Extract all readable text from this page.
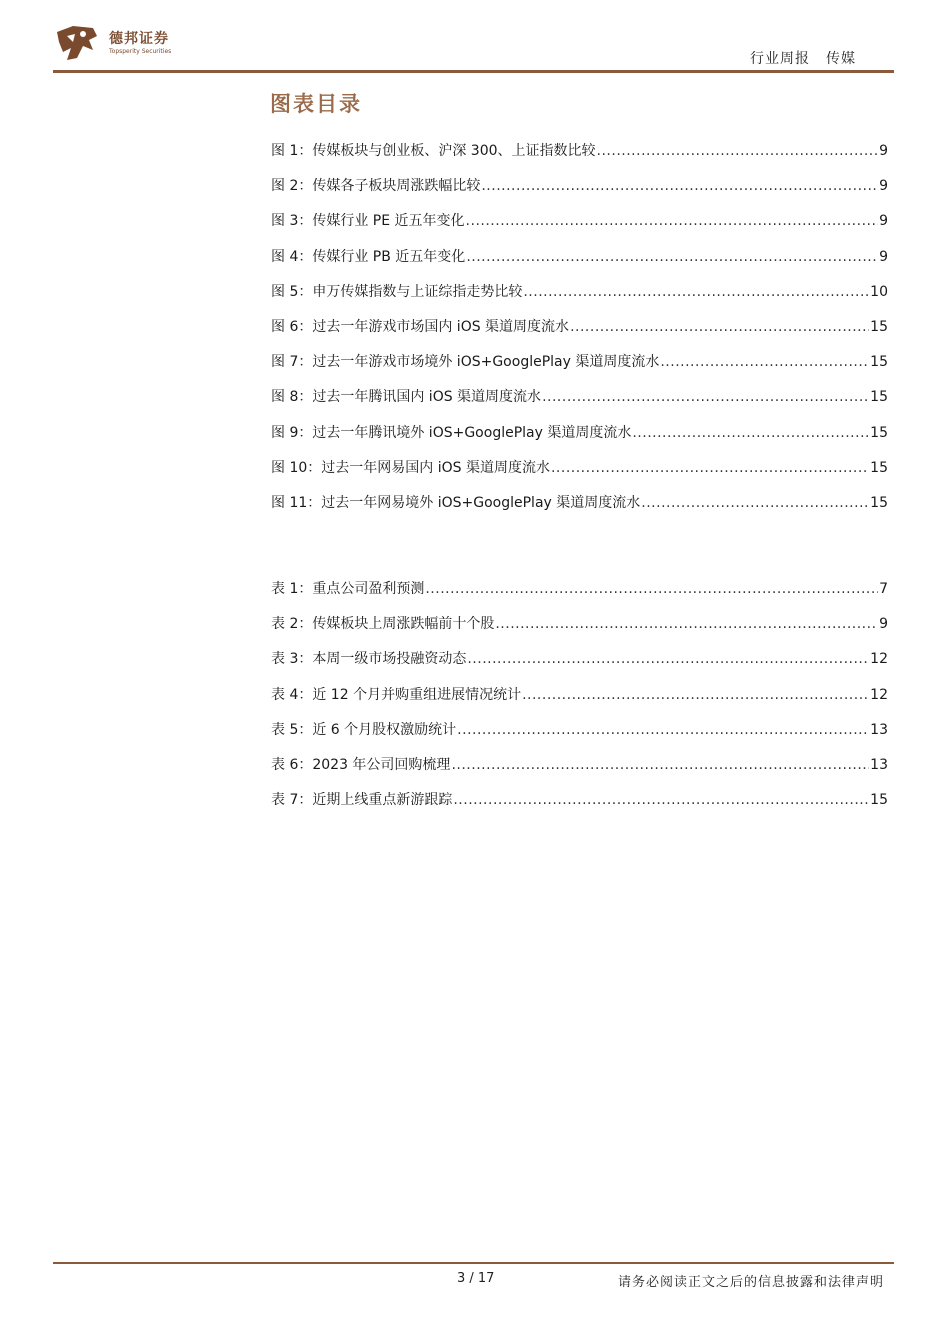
德邦证券
Topsperity Securities	行业周报 传媒
图表目录
图 1：传媒板块与创业板、沪深 300、上证指数比较 .....	9
图 2：传媒各子板块周涨跌幅比较 .....	9
图 3：传媒行业 PE 近五年变化 .....	9
图 4：传媒行业 PB 近五年变化 .....	9
图 5：申万传媒指数与上证综指走势比较 .....	10
图 6：过去一年游戏市场国内 iOS 渠道周度流水 .....	15
图 7：过去一年游戏市场境外 iOS+GooglePlay 渠道周度流水 .....	15
图 8：过去一年腾讯国内 iOS 渠道周度流水 .....	15
图 9：过去一年腾讯境外 iOS+GooglePlay 渠道周度流水 .....	15
图 10：过去一年网易国内 iOS 渠道周度流水 .....	15
图 11：过去一年网易境外 iOS+GooglePlay 渠道周度流水 .....	15
表 1：重点公司盈利预测 .....	7
表 2：传媒板块上周涨跌幅前十个股 .....	9
表 3：本周一级市场投融资动态 .....	12
表 4：近 12 个月并购重组进展情况统计 .....	12
表 5：近 6 个月股权激励统计 .....	13
表 6：2023 年公司回购梳理 .....	13
表 7：近期上线重点新游跟踪 .....	15
3 / 17	请务必阅读正文之后的信息披露和法律声明
